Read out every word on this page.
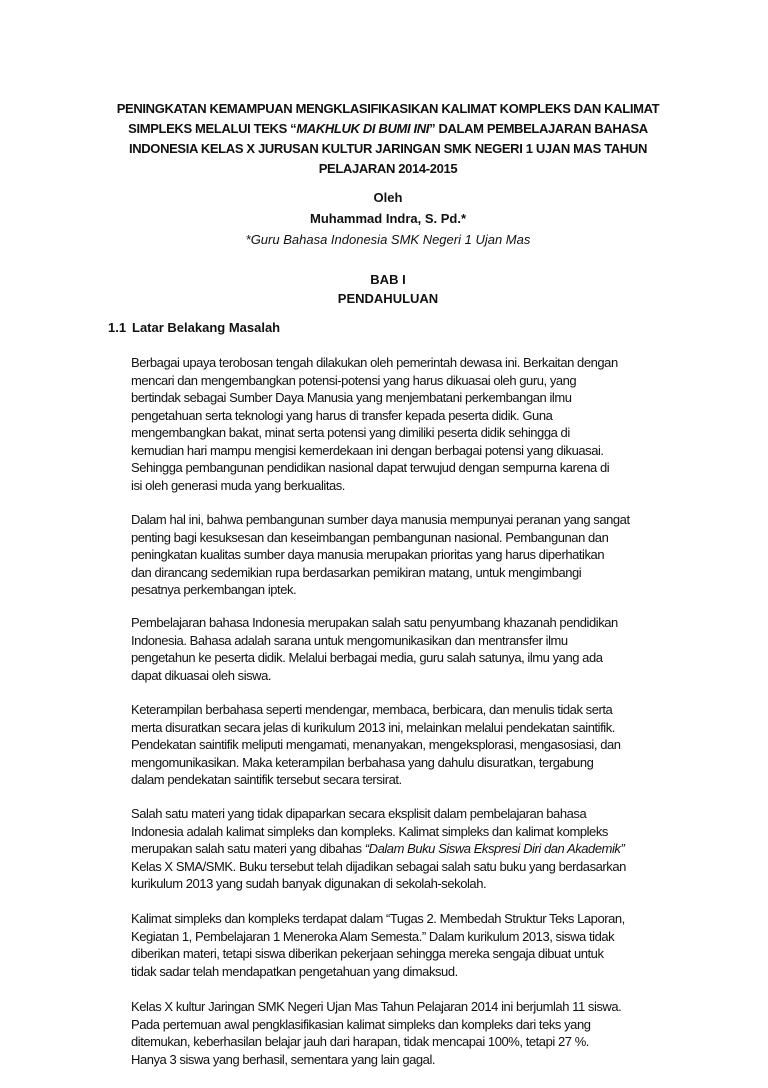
PENINGKATAN KEMAMPUAN MENGKLASIFIKASIKAN KALIMAT KOMPLEKS DAN KALIMAT
SIMPLEKS MELALUI TEKS “MAKHLUK DI BUMI INI” DALAM PEMBELAJARAN BAHASA
INDONESIA KELAS X JURUSAN KULTUR JARINGAN SMK NEGERI 1 UJAN MAS TAHUN
PELAJARAN 2014-2015
Oleh
Muhammad Indra, S. Pd.*
*Guru Bahasa Indonesia SMK Negeri 1 Ujan Mas
BAB I
PENDAHULUAN
1.1 Latar Belakang Masalah
Berbagai upaya terobosan tengah dilakukan oleh pemerintah dewasa ini. Berkaitan dengan
mencari dan mengembangkan potensi-potensi yang harus dikuasai oleh guru, yang
bertindak sebagai Sumber Daya Manusia yang menjembatani perkembangan ilmu
pengetahuan serta teknologi yang harus di transfer kepada peserta didik. Guna
mengembangkan bakat, minat serta potensi yang dimiliki peserta didik sehingga di
kemudian hari mampu mengisi kemerdekaan ini dengan berbagai potensi yang dikuasai.
Sehingga pembangunan pendidikan nasional dapat terwujud dengan sempurna karena di
isi oleh generasi muda yang berkualitas.
Dalam hal ini, bahwa pembangunan sumber daya manusia mempunyai peranan yang sangat
penting bagi kesuksesan dan keseimbangan pembangunan nasional. Pembangunan dan
peningkatan kualitas sumber daya manusia merupakan prioritas yang harus diperhatikan
dan dirancang sedemikian rupa berdasarkan pemikiran matang, untuk mengimbangi
pesatnya perkembangan iptek.
Pembelajaran bahasa Indonesia merupakan salah satu penyumbang khazanah pendidikan
Indonesia. Bahasa adalah sarana untuk mengomunikasikan dan mentransfer ilmu
pengetahun ke peserta didik. Melalui berbagai media, guru salah satunya, ilmu yang ada
dapat dikuasai oleh siswa.
Keterampilan berbahasa seperti mendengar, membaca, berbicara, dan menulis tidak serta
merta disuratkan secara jelas di kurikulum 2013 ini, melainkan melalui pendekatan saintifik.
Pendekatan saintifik meliputi mengamati, menanyakan, mengeksplorasi, mengasosiasi, dan
mengomunikasikan. Maka keterampilan berbahasa yang dahulu disuratkan, tergabung
dalam pendekatan saintifik tersebut secara tersirat.
Salah satu materi yang tidak dipaparkan secara eksplisit dalam pembelajaran bahasa
Indonesia adalah kalimat simpleks dan kompleks. Kalimat simpleks dan kalimat kompleks
merupakan salah satu materi yang dibahas “Dalam Buku Siswa Ekspresi Diri dan Akademik”
Kelas X SMA/SMK. Buku tersebut telah dijadikan sebagai salah satu buku yang berdasarkan
kurikulum 2013 yang sudah banyak digunakan di sekolah-sekolah.
Kalimat simpleks dan kompleks terdapat dalam “Tugas 2. Membedah Struktur Teks Laporan,
Kegiatan 1, Pembelajaran 1 Meneroka Alam Semesta.” Dalam kurikulum 2013, siswa tidak
diberikan materi, tetapi siswa diberikan pekerjaan sehingga mereka sengaja dibuat untuk
tidak sadar telah mendapatkan pengetahuan yang dimaksud.
Kelas X kultur Jaringan SMK Negeri Ujan Mas Tahun Pelajaran 2014 ini berjumlah 11 siswa.
Pada pertemuan awal pengklasifikasian kalimat simpleks dan kompleks dari teks yang
ditemukan, keberhasilan belajar jauh dari harapan, tidak mencapai 100%, tetapi 27 %.
Hanya 3 siswa yang berhasil, sementara yang lain gagal.
